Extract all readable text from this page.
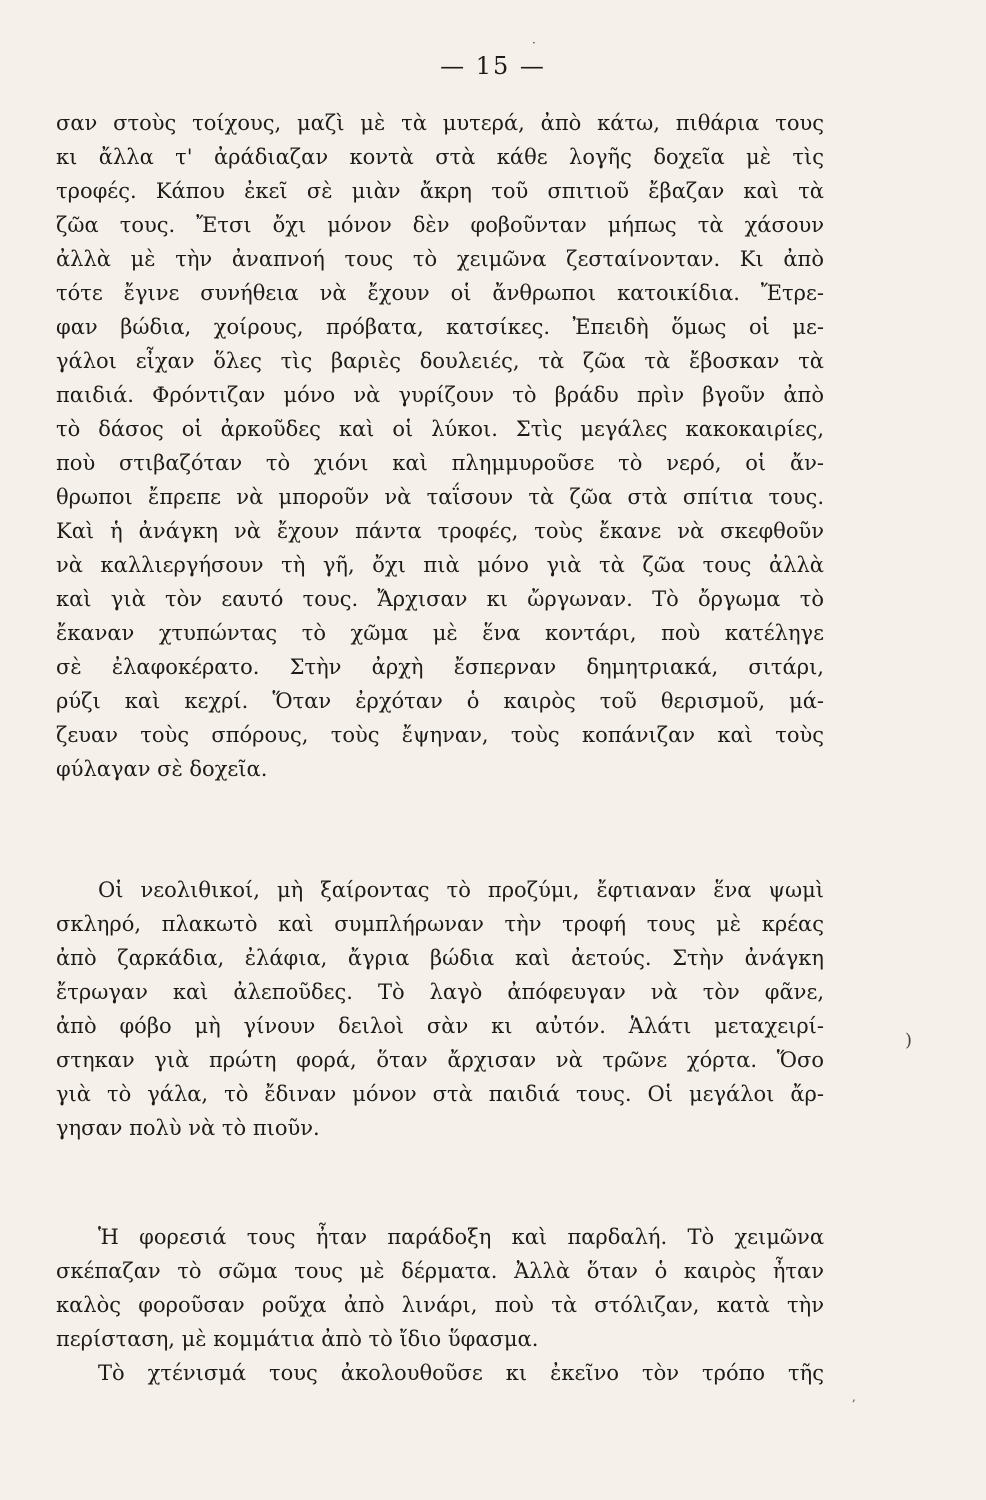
— 15 —
·
)
,
σαν στοὺς τοίχους, μαζὶ μὲ τὰ μυτερά, ἀπὸ κάτω, πιθάρια τους
κι ἄλλα τ' ἀράδιαζαν κοντὰ στὰ κάθε λογῆς δοχεῖα μὲ τὶς
τροφές. Κάπου ἐκεῖ σὲ μιὰν ἄκρη τοῦ σπιτιοῦ ἔβαζαν καὶ τὰ
ζῶα τους. Ἔτσι ὄχι μόνον δὲν φοβοῦνταν μήπως τὰ χάσουν
ἀλλὰ μὲ τὴν ἀναπνοή τους τὸ χειμῶνα ζεσταίνονταν. Κι ἀπὸ
τότε ἔγινε συνήθεια νὰ ἔχουν οἱ ἄνθρωποι κατοικίδια. Ἔτρε-
φαν βώδια, χοίρους, πρόβατα, κατσίκες. Ἐπειδὴ ὅμως οἱ με-
γάλοι εἶχαν ὅλες τὶς βαριὲς δουλειές, τὰ ζῶα τὰ ἔβοσκαν τὰ
παιδιά. Φρόντιζαν μόνο νὰ γυρίζουν τὸ βράδυ πρὶν βγοῦν ἀπὸ
τὸ δάσος οἱ ἀρκοῦδες καὶ οἱ λύκοι. Στὶς μεγάλες κακοκαιρίες,
ποὺ στιβαζόταν τὸ χιόνι καὶ πλημμυροῦσε τὸ νερό, οἱ ἄν-
θρωποι ἔπρεπε νὰ μποροῦν νὰ ταΐσουν τὰ ζῶα στὰ σπίτια τους.
Καὶ ἡ ἀνάγκη νὰ ἔχουν πάντα τροφές, τοὺς ἔκανε νὰ σκεφθοῦν
νὰ καλλιεργήσουν τὴ γῆ, ὄχι πιὰ μόνο γιὰ τὰ ζῶα τους ἀλλὰ
καὶ γιὰ τὸν εαυτό τους. Ἄρχισαν κι ὤργωναν. Τὸ ὄργωμα τὸ
ἔκαναν χτυπώντας τὸ χῶμα μὲ ἕνα κοντάρι, ποὺ κατέληγε
σὲ ἐλαφοκέρατο. Στὴν ἀρχὴ ἔσπερναν δημητριακά, σιτάρι,
ρύζι καὶ κεχρί. Ὅταν ἐρχόταν ὁ καιρὸς τοῦ θερισμοῦ, μά-
ζευαν τοὺς σπόρους, τοὺς ἔψηναν, τοὺς κοπάνιζαν καὶ τοὺς
φύλαγαν σὲ δοχεῖα.
Οἱ νεολιθικοί, μὴ ξαίροντας τὸ προζύμι, ἔφτιαναν ἕνα ψωμὶ
σκληρό, πλακωτὸ καὶ συμπλήρωναν τὴν τροφή τους μὲ κρέας
ἀπὸ ζαρκάδια, ἐλάφια, ἄγρια βώδια καὶ ἀετούς. Στὴν ἀνάγκη
ἔτρωγαν καὶ ἀλεποῦδες. Τὸ λαγὸ ἀπόφευγαν νὰ τὸν φᾶνε,
ἀπὸ φόβο μὴ γίνουν δειλοὶ σὰν κι αὐτόν. Ἁλάτι μεταχειρί-
στηκαν γιὰ πρώτη φορά, ὅταν ἄρχισαν νὰ τρῶνε χόρτα. Ὅσο
γιὰ τὸ γάλα, τὸ ἔδιναν μόνον στὰ παιδιά τους. Οἱ μεγάλοι ἄρ-
γησαν πολὺ νὰ τὸ πιοῦν.
Ἡ φορεσιά τους ἦταν παράδοξη καὶ παρδαλή. Τὸ χειμῶνα
σκέπαζαν τὸ σῶμα τους μὲ δέρματα. Ἀλλὰ ὅταν ὁ καιρὸς ἦταν
καλὸς φοροῦσαν ροῦχα ἀπὸ λινάρι, ποὺ τὰ στόλιζαν, κατὰ τὴν
περίσταση, μὲ κομμάτια ἀπὸ τὸ ἴδιο ὕφασμα.
Τὸ χτένισμά τους ἀκολουθοῦσε κι ἐκεῖνο τὸν τρόπο τῆς
